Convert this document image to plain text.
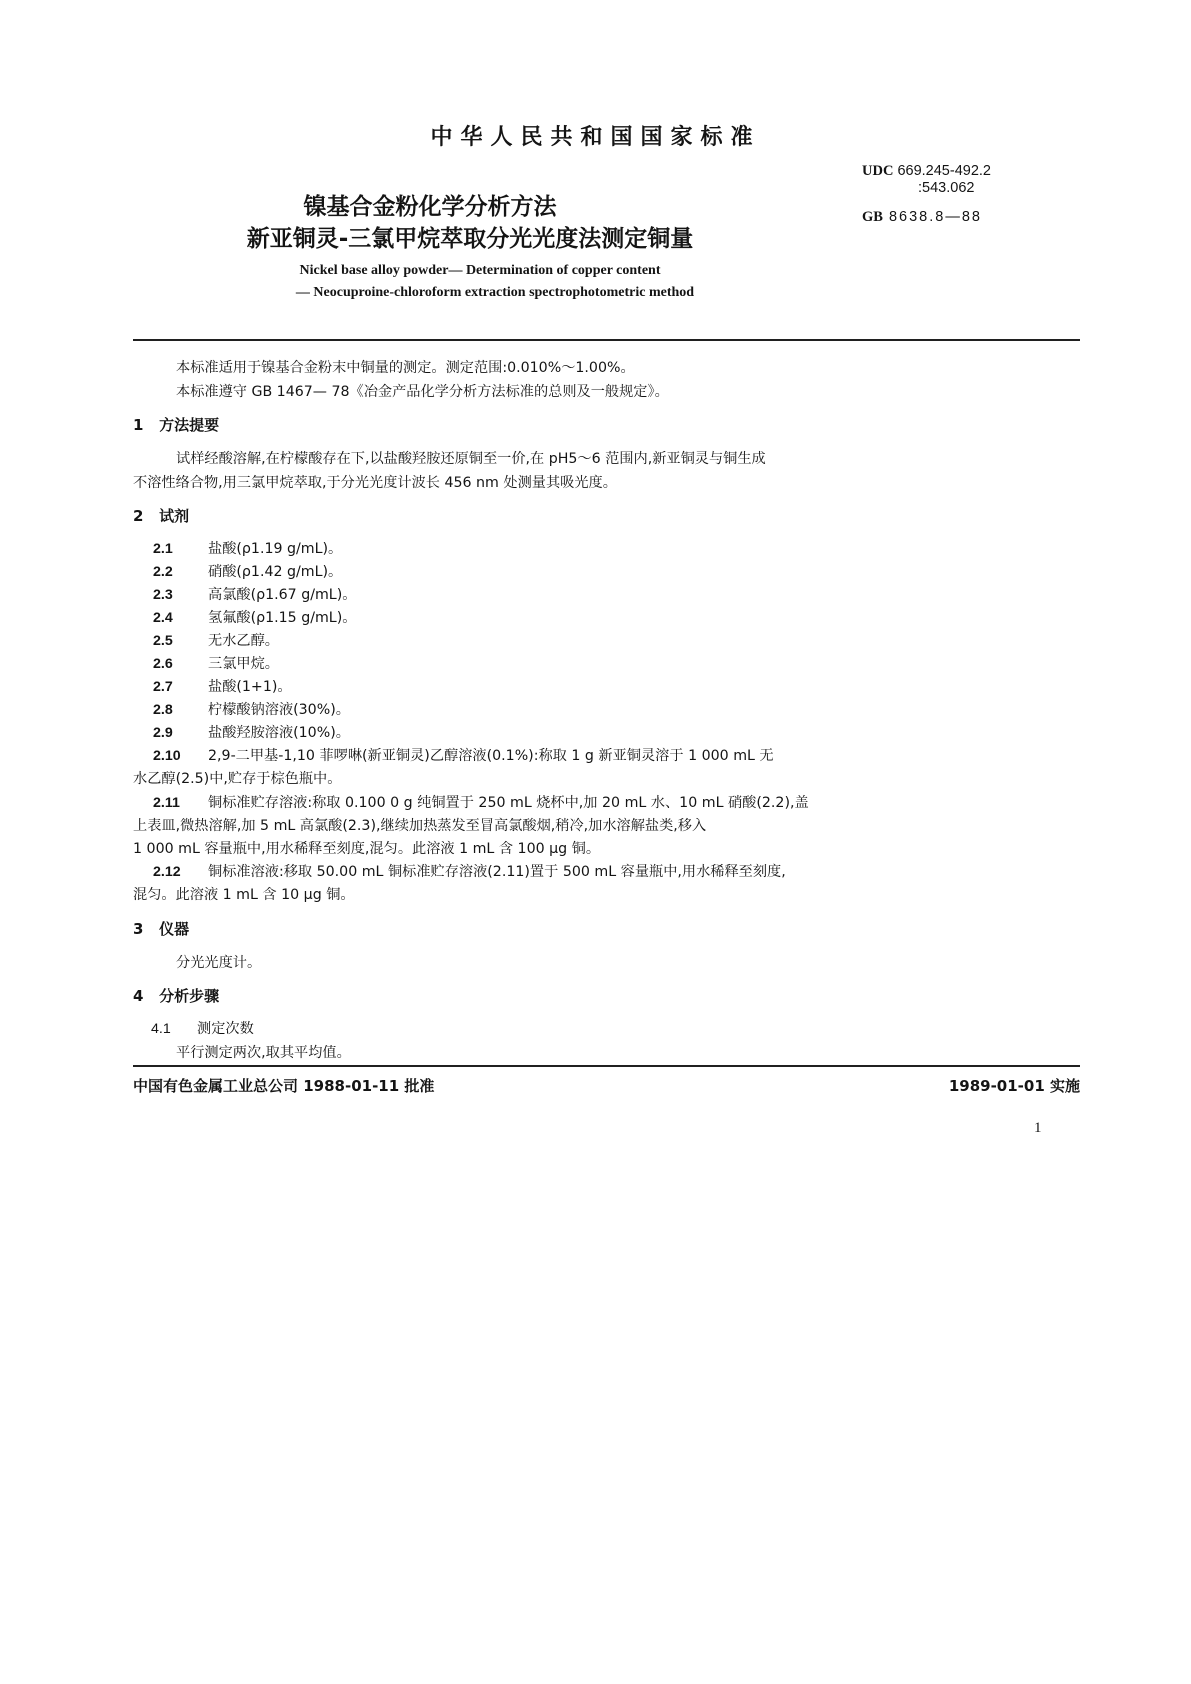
中华人民共和国国家标准
UDC 669.245-492.2
:543.062
GB 8638.8—88
镍基合金粉化学分析方法
新亚铜灵-三氯甲烷萃取分光光度法测定铜量
Nickel base alloy powder— Determination of copper content
— Neocuproine-chloroform extraction spectrophotometric method
本标准适用于镍基合金粉末中铜量的测定。测定范围:0.010%～1.00%。
本标准遵守 GB 1467— 78《冶金产品化学分析方法标准的总则及一般规定》。
1 方法提要
试样经酸溶解,在柠檬酸存在下,以盐酸羟胺还原铜至一价,在 pH5～6 范围内,新亚铜灵与铜生成
不溶性络合物,用三氯甲烷萃取,于分光光度计波长 456 nm 处测量其吸光度。
2 试剂
2.1 盐酸(ρ1.19 g/mL)。
2.2 硝酸(ρ1.42 g/mL)。
2.3 高氯酸(ρ1.67 g/mL)。
2.4 氢氟酸(ρ1.15 g/mL)。
2.5 无水乙醇。
2.6 三氯甲烷。
2.7 盐酸(1+1)。
2.8 柠檬酸钠溶液(30%)。
2.9 盐酸羟胺溶液(10%)。
2.10 2,9-二甲基-1,10 菲啰啉(新亚铜灵)乙醇溶液(0.1%):称取 1 g 新亚铜灵溶于 1 000 mL 无
水乙醇(2.5)中,贮存于棕色瓶中。
2.11 铜标准贮存溶液:称取 0.100 0 g 纯铜置于 250 mL 烧杯中,加 20 mL 水、10 mL 硝酸(2.2),盖
上表皿,微热溶解,加 5 mL 高氯酸(2.3),继续加热蒸发至冒高氯酸烟,稍冷,加水溶解盐类,移入
1 000 mL 容量瓶中,用水稀释至刻度,混匀。此溶液 1 mL 含 100 μg 铜。
2.12 铜标准溶液:移取 50.00 mL 铜标准贮存溶液(2.11)置于 500 mL 容量瓶中,用水稀释至刻度,
混匀。此溶液 1 mL 含 10 μg 铜。
3 仪器
分光光度计。
4 分析步骤
4.1 测定次数
平行测定两次,取其平均值。
中国有色金属工业总公司 1988-01-11 批准	1989-01-01 实施
1
